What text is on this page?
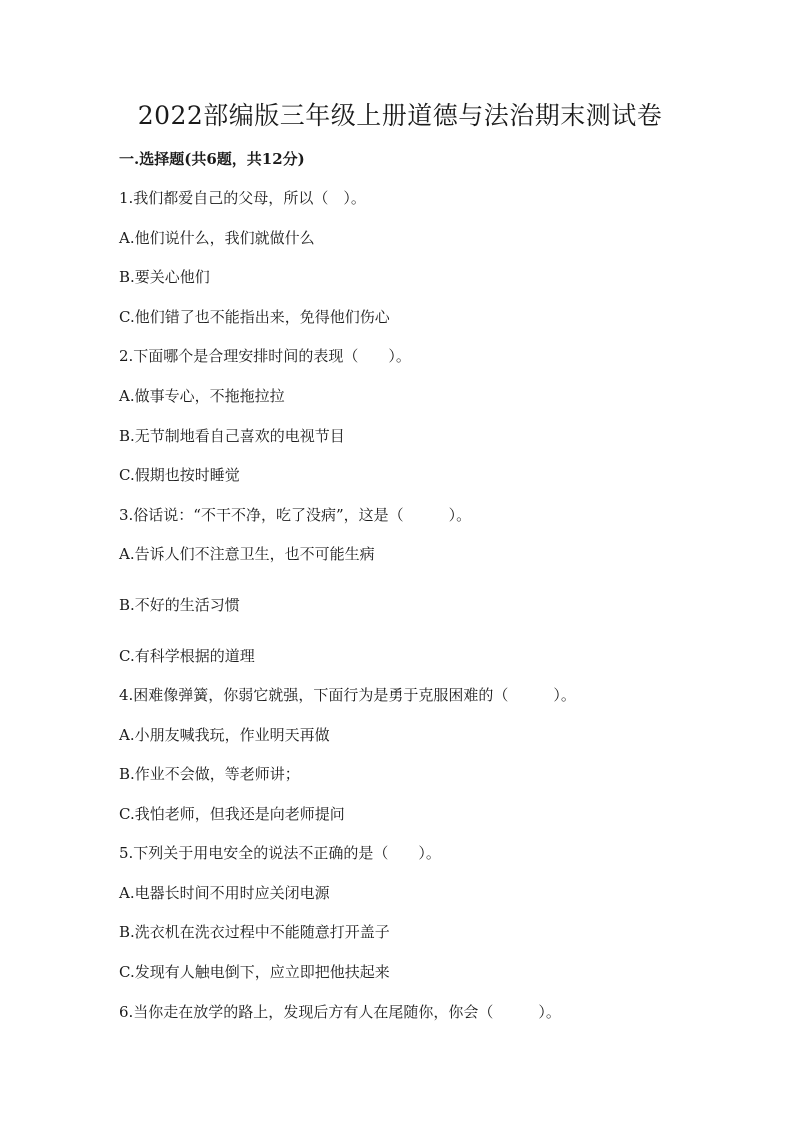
2022部编版三年级上册道德与法治期末测试卷
一.选择题(共6题，共12分)

1.我们都爱自己的父母，所以（　）。

A.他们说什么，我们就做什么

B.要关心他们

C.他们错了也不能指出来，免得他们伤心

2.下面哪个是合理安排时间的表现（　　）。

A.做事专心，不拖拖拉拉

B.无节制地看自己喜欢的电视节目

C.假期也按时睡觉

3.俗话说：“不干不净，吃了没病”，这是（　　　）。

A.告诉人们不注意卫生，也不可能生病

B.不好的生活习惯

C.有科学根据的道理

4.困难像弹簧，你弱它就强，下面行为是勇于克服困难的（　　　）。

A.小朋友喊我玩，作业明天再做

B.作业不会做，等老师讲；

C.我怕老师，但我还是向老师提问

5.下列关于用电安全的说法不正确的是（　　）。

A.电器长时间不用时应关闭电源

B.洗衣机在洗衣过程中不能随意打开盖子

C.发现有人触电倒下，应立即把他扶起来

6.当你走在放学的路上，发现后方有人在尾随你，你会（　　　）。
